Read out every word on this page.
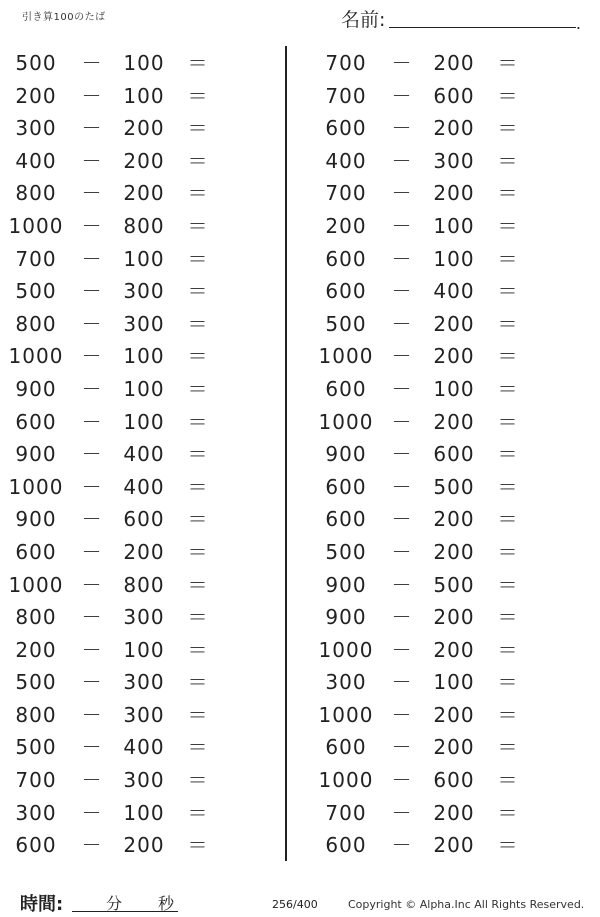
引き算100のたば	名前:	.
500	－	100 ＝
200	－	100 ＝
300	－	200 ＝
400	－	200 ＝
800	－	200 ＝
1000 －	800 ＝
700	－	100 ＝
500	－	300 ＝
800	－	300 ＝
1000 －	100 ＝
900	－	100 ＝
600	－	100 ＝
900	－	400 ＝
1000 －	400 ＝
900	－	600 ＝
600	－	200 ＝
1000 －	800 ＝
800	－	300 ＝
200	－	100 ＝
500	－	300 ＝
800	－	300 ＝
500	－	400 ＝
700	－	300 ＝
300	－	100 ＝
600	－	200 ＝
700	－	200 ＝
700	－	600 ＝
600	－	200 ＝
400	－	300 ＝
700	－	200 ＝
200	－	100 ＝
600	－	100 ＝
600	－	400 ＝
500	－	200 ＝
1000 －	200 ＝
600	－	100 ＝
1000 －	200 ＝
900	－	600 ＝
600	－	500 ＝
600	－	200 ＝
500	－	200 ＝
900	－	500 ＝
900	－	200 ＝
1000 －	200 ＝
300	－	100 ＝
1000 －	200 ＝
600	－	200 ＝
1000 －	600 ＝
700	－	200 ＝
600	－	200 ＝
時間:	分 秒	256/400	Copyright © Alpha.Inc All Rights Reserved.
